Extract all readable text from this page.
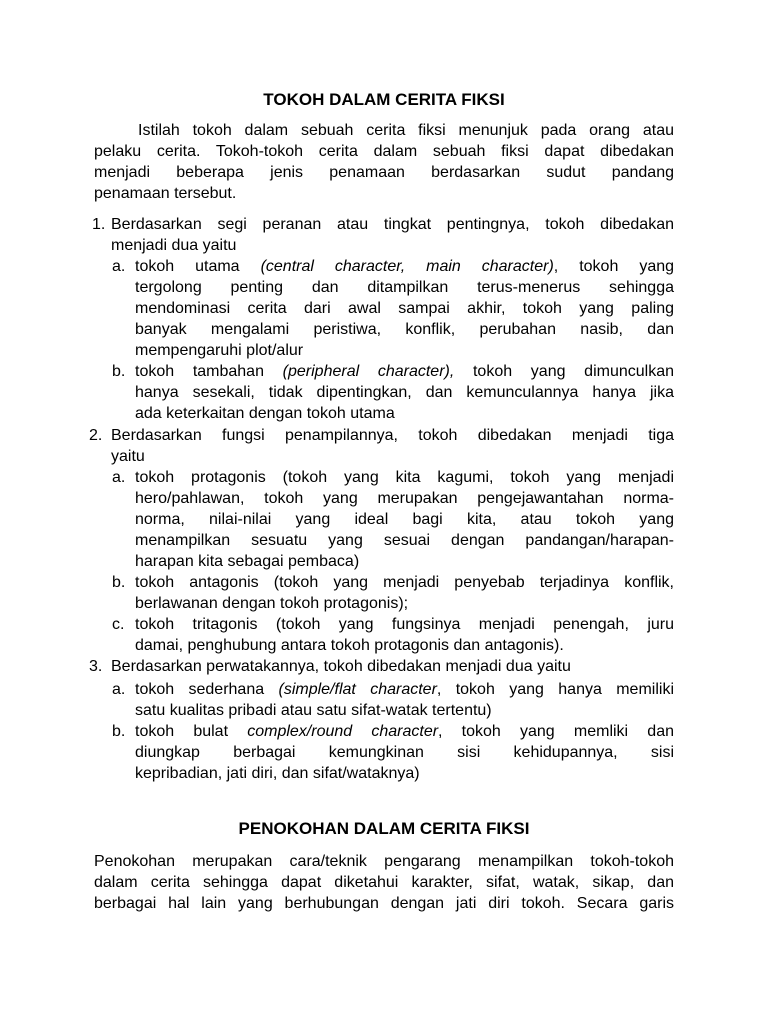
TOKOH DALAM CERITA FIKSI
Istilah tokoh dalam sebuah cerita fiksi menunjuk pada orang atau
pelaku cerita. Tokoh-tokoh cerita dalam sebuah fiksi dapat dibedakan
menjadi beberapa jenis penamaan berdasarkan sudut pandang
penamaan tersebut.
1. Berdasarkan segi peranan atau tingkat pentingnya, tokoh dibedakan
menjadi dua yaitu
a. tokoh utama (central character, main character), tokoh yang
tergolong penting dan ditampilkan terus-menerus sehingga
mendominasi cerita dari awal sampai akhir, tokoh yang paling
banyak mengalami peristiwa, konflik, perubahan nasib, dan
mempengaruhi plot/alur
b. tokoh tambahan (peripheral character), tokoh yang dimunculkan
hanya sesekali, tidak dipentingkan, dan kemunculannya hanya jika
ada keterkaitan dengan tokoh utama
2. Berdasarkan fungsi penampilannya, tokoh dibedakan menjadi tiga
yaitu
a. tokoh protagonis (tokoh yang kita kagumi, tokoh yang menjadi
hero/pahlawan, tokoh yang merupakan pengejawantahan norma-
norma, nilai-nilai yang ideal bagi kita, atau tokoh yang
menampilkan sesuatu yang sesuai dengan pandangan/harapan-
harapan kita sebagai pembaca)
b. tokoh antagonis (tokoh yang menjadi penyebab terjadinya konflik,
berlawanan dengan tokoh protagonis);
c. tokoh tritagonis (tokoh yang fungsinya menjadi penengah, juru
damai, penghubung antara tokoh protagonis dan antagonis).
3. Berdasarkan perwatakannya, tokoh dibedakan menjadi dua yaitu
a. tokoh sederhana (simple/flat character, tokoh yang hanya memiliki
satu kualitas pribadi atau satu sifat-watak tertentu)
b. tokoh bulat complex/round character, tokoh yang memliki dan
diungkap berbagai kemungkinan sisi kehidupannya, sisi
kepribadian, jati diri, dan sifat/wataknya)
PENOKOHAN DALAM CERITA FIKSI
Penokohan merupakan cara/teknik pengarang menampilkan tokoh-tokoh
dalam cerita sehingga dapat diketahui karakter, sifat, watak, sikap, dan
berbagai hal lain yang berhubungan dengan jati diri tokoh. Secara garis
